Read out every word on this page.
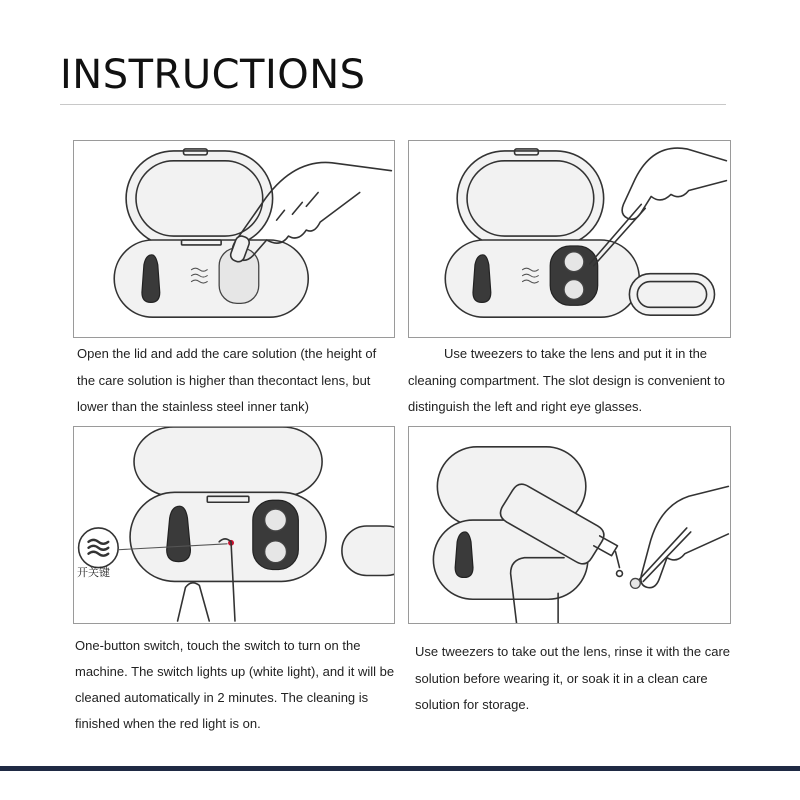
INSTRUCTIONS
开关键

Open the lid and add the care solution (the height of the care solution is higher than thecontact lens, but lower than the stainless steel inner tank)

Use tweezers to take the lens and put it in the cleaning compartment. The slot design is convenient to distinguish the left and right eye glasses.

One-button switch, touch the switch to turn on the machine. The switch lights up (white light), and it will be cleaned automatically in 2 minutes. The cleaning is finished when the red light is on.

Use tweezers to take out the lens, rinse it with the care solution before wearing it, or soak it in a clean care solution for storage.
